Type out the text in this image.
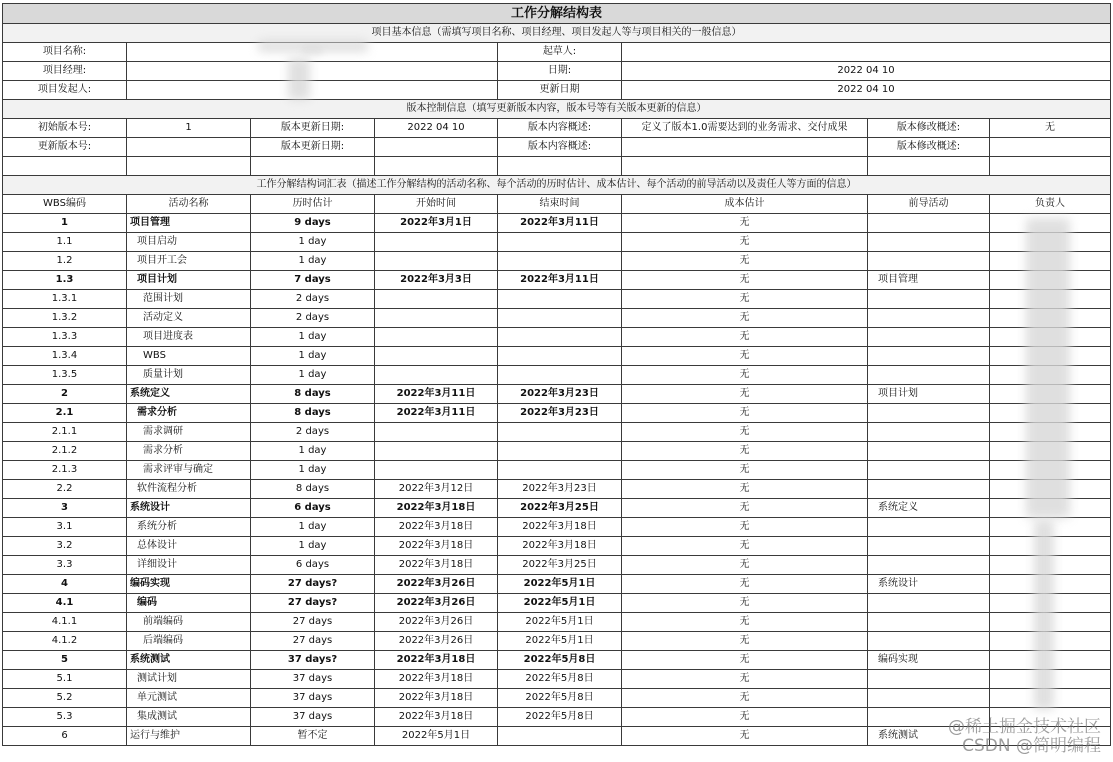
工作分解结构表							
项目基本信息（需填写项目名称、项目经理、项目发起人等与项目相关的一般信息）							
项目名称:				起草人:			
项目经理:				日期:	2022 04 10		
项目发起人:				更新日期	2022 04 10		
版本控制信息（填写更新版本内容，版本号等有关版本更新的信息）							
初始版本号:	1	版本更新日期:	2022 04 10	版本内容概述:	定义了版本1.0需要达到的业务需求、交付成果	版本修改概述:	无
更新版本号:		版本更新日期:		版本内容概述:		版本修改概述:	

工作分解结构词汇表（描述工作分解结构的活动名称、每个活动的历时估计、成本估计、每个活动的前导活动以及责任人等方面的信息）							
WBS编码	活动名称	历时估计	开始时间	结束时间	成本估计	前导活动	负责人
1	项目管理	9 days	2022年3月1日	2022年3月11日	无		
1.1	项目启动	1 day			无		
1.2	项目开工会	1 day			无		
1.3	项目计划	7 days	2022年3月3日	2022年3月11日	无	项目管理	
1.3.1	范围计划	2 days			无		
1.3.2	活动定义	2 days			无		
1.3.3	项目进度表	1 day			无		
1.3.4	WBS	1 day			无		
1.3.5	质量计划	1 day			无		
2	系统定义	8 days	2022年3月11日	2022年3月23日	无	项目计划	
2.1	需求分析	8 days	2022年3月11日	2022年3月23日	无		
2.1.1	需求调研	2 days			无		
2.1.2	需求分析	1 day			无		
2.1.3	需求评审与确定	1 day			无		
2.2	软件流程分析	8 days	2022年3月12日	2022年3月23日	无		
3	系统设计	6 days	2022年3月18日	2022年3月25日	无	系统定义	
3.1	系统分析	1 day	2022年3月18日	2022年3月18日	无		
3.2	总体设计	1 day	2022年3月18日	2022年3月18日	无		
3.3	详细设计	6 days	2022年3月18日	2022年3月25日	无		
4	编码实现	27 days?	2022年3月26日	2022年5月1日	无	系统设计	
4.1	编码	27 days?	2022年3月26日	2022年5月1日	无		
4.1.1	前端编码	27 days	2022年3月26日	2022年5月1日	无		
4.1.2	后端编码	27 days	2022年3月26日	2022年5月1日	无		
5	系统测试	37 days?	2022年3月18日	2022年5月8日	无	编码实现	
5.1	测试计划	37 days	2022年3月18日	2022年5月8日	无		
5.2	单元测试	37 days	2022年3月18日	2022年5月8日	无		
5.3	集成测试	37 days	2022年3月18日	2022年5月8日	无		
6	运行与维护	暂不定	2022年5月1日		无	系统测试	@稀土掘金技术社区
CSDN @简明编程
